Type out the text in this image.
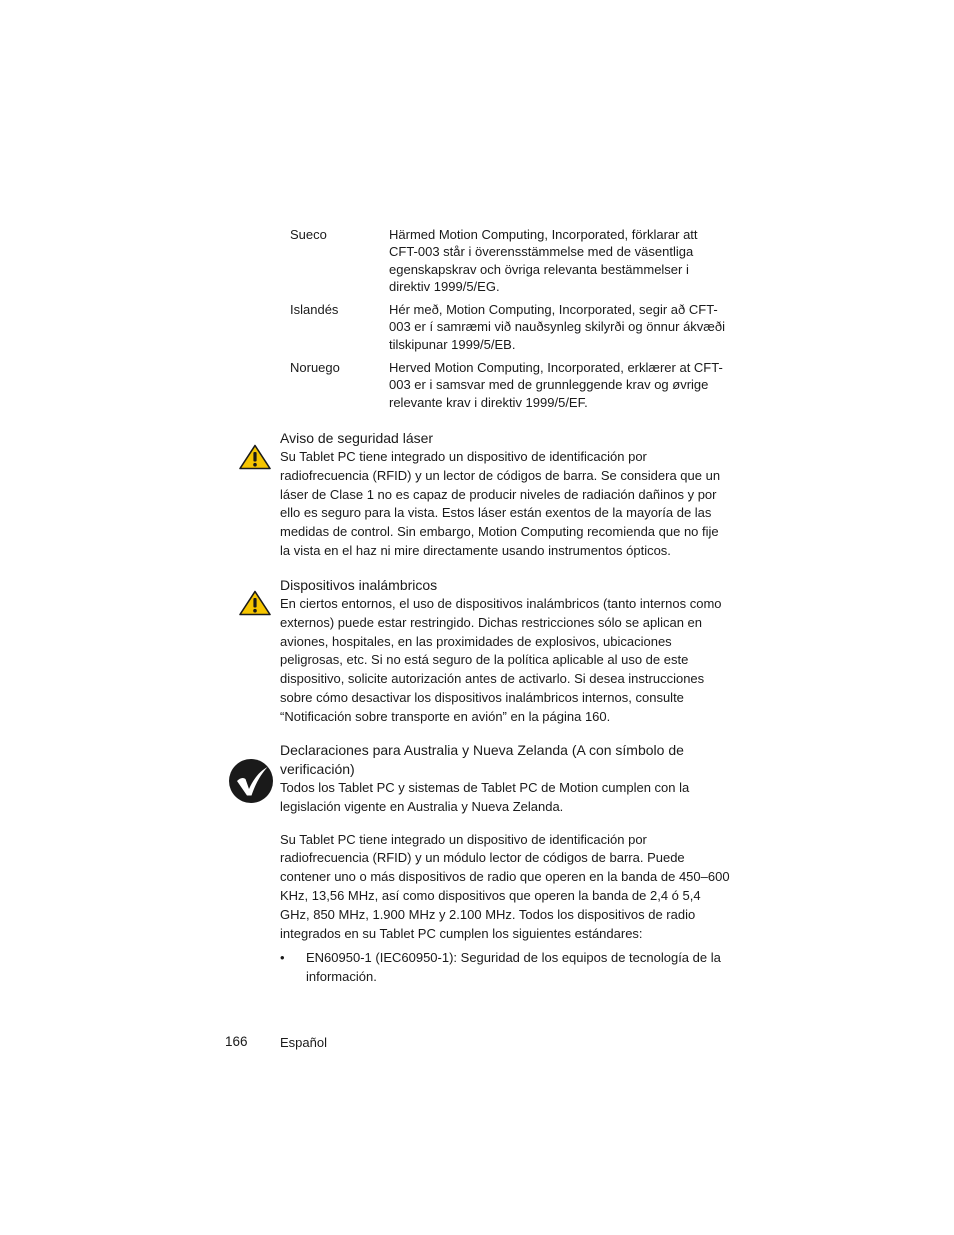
Sueco	Härmed Motion Computing, Incorporated, förklarar att CFT-003 står i överensstämmelse med de väsentliga egenskapskrav och övriga relevanta bestämmelser i direktiv 1999/5/EG.
Islandés	Hér með, Motion Computing, Incorporated, segir að CFT-003 er í samræmi við nauðsynleg skilyrði og önnur ákvæði tilskipunar 1999/5/EB.
Noruego	Herved Motion Computing, Incorporated, erklærer at CFT-003 er i samsvar med de grunnleggende krav og øvrige relevante krav i direktiv 1999/5/EF.
Aviso de seguridad láser

Su Tablet PC tiene integrado un dispositivo de identificación por radiofrecuencia (RFID) y un lector de códigos de barra. Se considera que un láser de Clase 1 no es capaz de producir niveles de radiación dañinos y por ello es seguro para la vista. Estos láser están exentos de la mayoría de las medidas de control. Sin embargo, Motion Computing recomienda que no fije la vista en el haz ni mire directamente usando instrumentos ópticos.

Dispositivos inalámbricos

En ciertos entornos, el uso de dispositivos inalámbricos (tanto internos como externos) puede estar restringido. Dichas restricciones sólo se aplican en aviones, hospitales, en las proximidades de explosivos, ubicaciones peligrosas, etc. Si no está seguro de la política aplicable al uso de este dispositivo, solicite autorización antes de activarlo. Si desea instrucciones sobre cómo desactivar los dispositivos inalámbricos internos, consulte “Notificación sobre transporte en avión” en la página 160.

Declaraciones para Australia y Nueva Zelanda (A con símbolo de verificación)

Todos los Tablet PC y sistemas de Tablet PC de Motion cumplen con la legislación vigente en Australia y Nueva Zelanda.

Su Tablet PC tiene integrado un dispositivo de identificación por radiofrecuencia (RFID) y un módulo lector de códigos de barra. Puede contener uno o más dispositivos de radio que operen en la banda de 450–600 KHz, 13,56 MHz, así como dispositivos que operen la banda de 2,4 ó 5,4 GHz, 850 MHz, 1.900 MHz y 2.100 MHz. Todos los dispositivos de radio integrados en su Tablet PC cumplen los siguientes estándares:

• EN60950-1 (IEC60950-1): Seguridad de los equipos de tecnología de la información.
166 Español
